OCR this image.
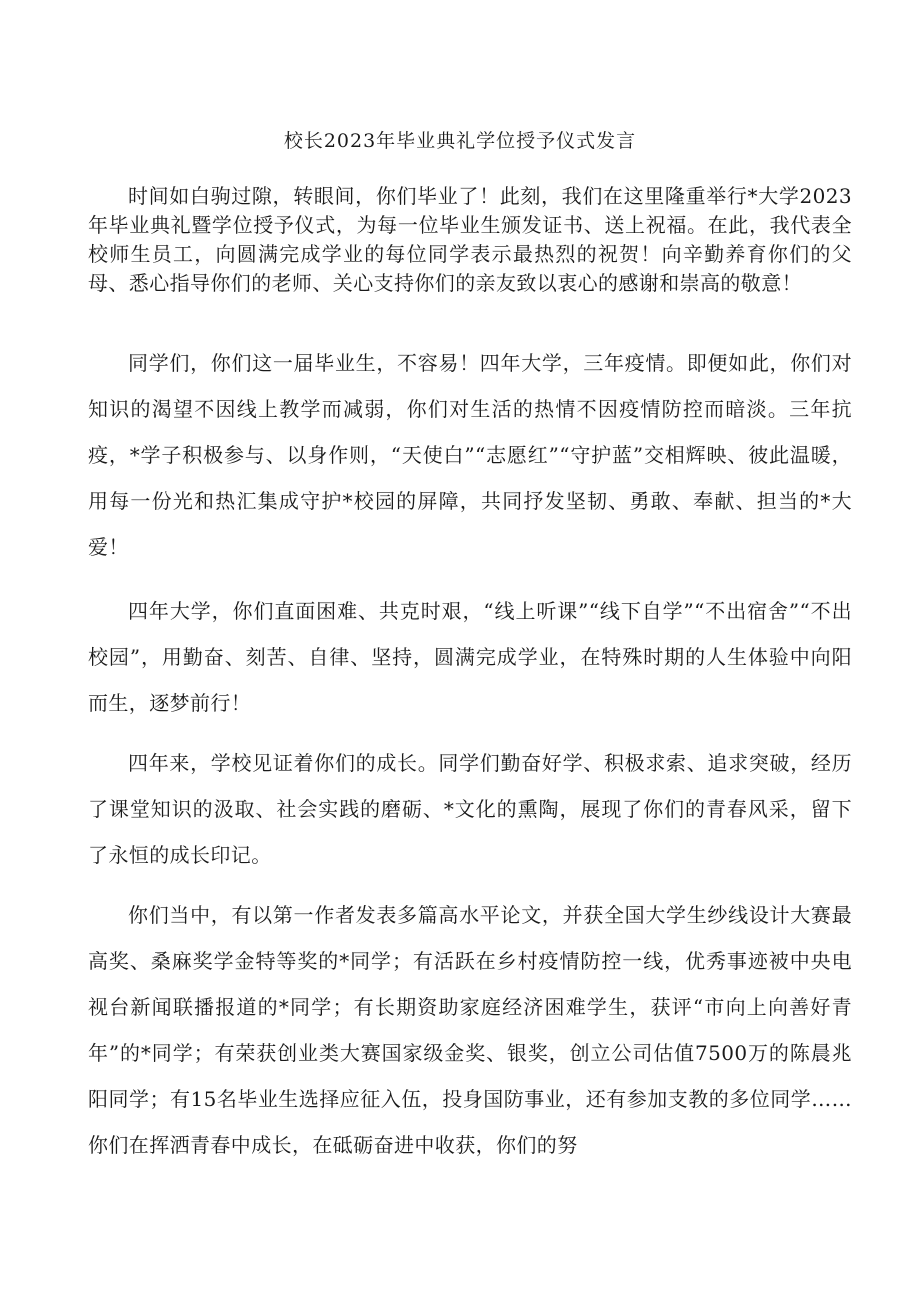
校长2023年毕业典礼学位授予仪式发言

时间如白驹过隙，转眼间，你们毕业了！此刻，我们在这里隆重举行*大学2023年毕业典礼暨学位授予仪式，为每一位毕业生颁发证书、送上祝福。在此，我代表全校师生员工，向圆满完成学业的每位同学表示最热烈的祝贺！向辛勤养育你们的父母、悉心指导你们的老师、关心支持你们的亲友致以衷心的感谢和崇高的敬意！

同学们，你们这一届毕业生，不容易！四年大学，三年疫情。即便如此，你们对知识的渴望不因线上教学而减弱，你们对生活的热情不因疫情防控而暗淡。三年抗疫，*学子积极参与、以身作则，“天使白”“志愿红”“守护蓝”交相辉映、彼此温暖，用每一份光和热汇集成守护*校园的屏障，共同抒发坚韧、勇敢、奉献、担当的*大爱！

四年大学，你们直面困难、共克时艰，“线上听课”“线下自学”“不出宿舍”“不出校园”，用勤奋、刻苦、自律、坚持，圆满完成学业，在特殊时期的人生体验中向阳而生，逐梦前行！

四年来，学校见证着你们的成长。同学们勤奋好学、积极求索、追求突破，经历了课堂知识的汲取、社会实践的磨砺、*文化的熏陶，展现了你们的青春风采，留下了永恒的成长印记。

你们当中，有以第一作者发表多篇高水平论文，并获全国大学生纱线设计大赛最高奖、桑麻奖学金特等奖的*同学；有活跃在乡村疫情防控一线，优秀事迹被中央电视台新闻联播报道的*同学；有长期资助家庭经济困难学生，获评“市向上向善好青年”的*同学；有荣获创业类大赛国家级金奖、银奖，创立公司估值7500万的陈晨兆阳同学；有15名毕业生选择应征入伍，投身国防事业，还有参加支教的多位同学……你们在挥洒青春中成长，在砥砺奋进中收获，你们的努
